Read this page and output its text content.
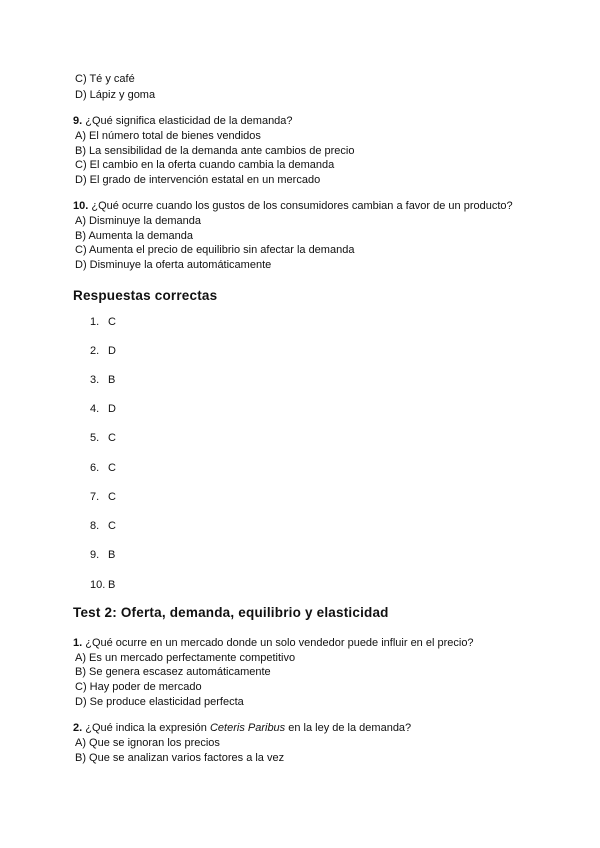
C) Té y café
D) Lápiz y goma
9. ¿Qué significa elasticidad de la demanda?
A) El número total de bienes vendidos
B) La sensibilidad de la demanda ante cambios de precio
C) El cambio en la oferta cuando cambia la demanda
D) El grado de intervención estatal en un mercado
10. ¿Qué ocurre cuando los gustos de los consumidores cambian a favor de un producto?
A) Disminuye la demanda
B) Aumenta la demanda
C) Aumenta el precio de equilibrio sin afectar la demanda
D) Disminuye la oferta automáticamente
Respuestas correctas
1. C
2. D
3. B
4. D
5. C
6. C
7. C
8. C
9. B
10. B
Test 2: Oferta, demanda, equilibrio y elasticidad
1. ¿Qué ocurre en un mercado donde un solo vendedor puede influir en el precio?
A) Es un mercado perfectamente competitivo
B) Se genera escasez automáticamente
C) Hay poder de mercado
D) Se produce elasticidad perfecta
2. ¿Qué indica la expresión Ceteris Paribus en la ley de la demanda?
A) Que se ignoran los precios
B) Que se analizan varios factores a la vez
